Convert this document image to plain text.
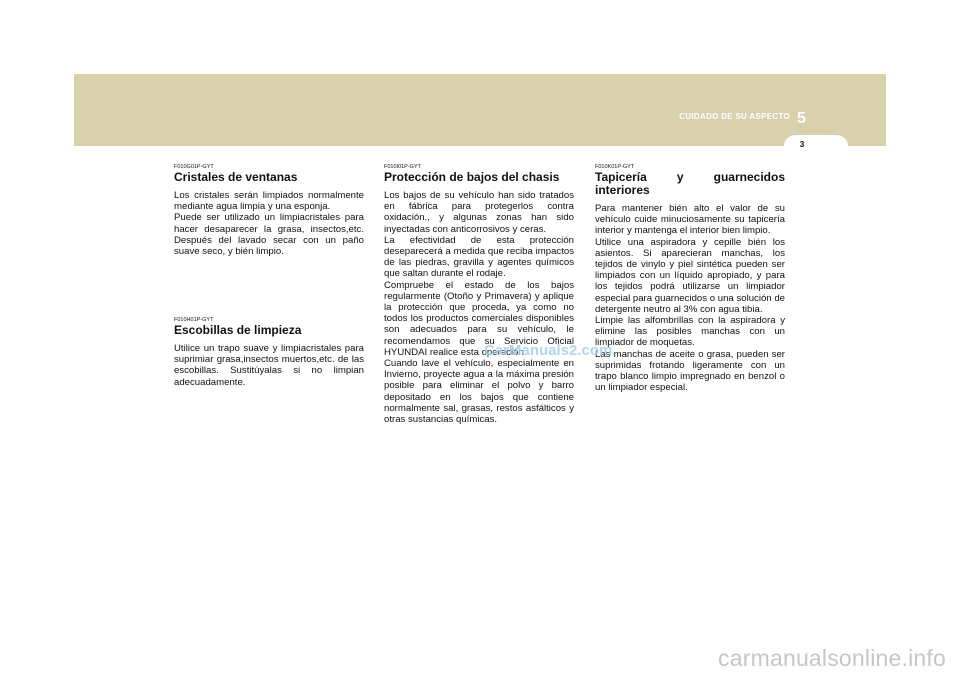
CUIDADO DE SU ASPECTO 5
3
F010G01P-GYT
Cristales de ventanas

Los cristales serán limpiados normalmente mediante agua limpia y una esponja.

Puede ser utilizado un limpiacristales para hacer desaparecer la grasa, insectos,etc. Después del lavado secar con un paño suave seco, y bién limpio.

F010H01P-GYT
Escobillas de limpieza

Utilice un trapo suave y limpiacristales para suprimiar grasa,insectos muertos,etc. de las escobillas. Sustitúyalas si no limpian adecuadamente.

F010I01P-GYT
Protección de bajos del chasis

Los bajos de su vehículo han sido tratados en fábrica para protegerlos contra oxidación., y algunas zonas han sido inyectadas con anticorrosivos y ceras.

La efectividad de esta protección deseparecerá a medida que reciba impactos de las piedras, gravilla y agentes químicos que saltan durante el rodaje.

Compruebe el estado de los bajos regularmente (Otoño y Primavera) y aplique la protección que proceda, ya como no todos los productos comerciales disponibles son adecuados para su vehículo, le recomendamos que su Servicio Oficial HYUNDAI realice esta operación.

Cuando lave el vehículo, especialmente en Invierno, proyecte agua a la máxima presión posible para eliminar el polvo y barro depositado en los bajos que contiene normalmente sal, grasas, restos asfálticos y otras sustancias químicas.

F010K01P-GYT
Tapicería y guarnecidos interiores

Para mantener bién alto el valor de su vehículo cuide minuciosamente su tapicería interior y mantenga el interior bien limpio.

Utilice una aspiradora y cepille bién los asientos. Si aparecieran manchas, los tejidos de vinylo y piel sintética pueden ser limpiados con un líquido apropiado, y para los tejidos podrá utilizarse un limpiador especial para guarnecidos o una solución de detergente neutro al 3% con agua tibia.

Limpie las alfombrillas con la aspiradora y elimine las posibles manchas con un limpiador de moquetas.

Las manchas de aceite o grasa, pueden ser suprimidas frotando ligeramente con un trapo blanco limpio impregnado en benzol o un limpiador especial.

CarManuals2.com
carmanualsonline.info
